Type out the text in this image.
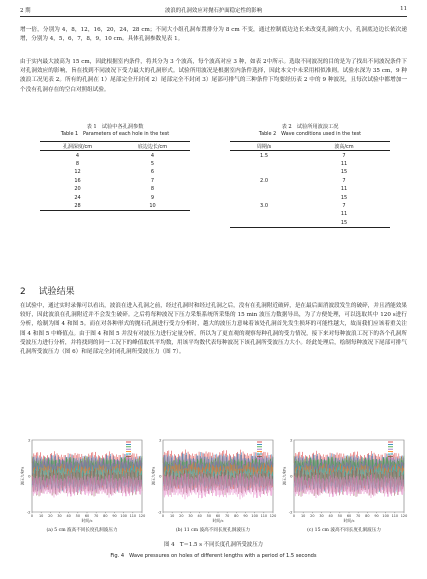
2 期	波浪的孔洞效应对抛石护面稳定性的影响	11

增一倍，分别为 4，8，12，16，20，24，28 cm；不同大小组孔洞布置排分为 8 cm 不变，通过控制底边边长来改变孔洞的大小，孔洞底边边长依次递增，分别为 4，5，6，7，8，9，10 cm。具体孔洞参数见表 1。

由于实内最大波高为 15 cm，因此根据室内条件，将其分为 3 个波高，每个波高对应 3 种，如表 2中所示。选取不同波况的目的是为了找出不同波况条件下对孔洞效应的影响，旨在找到不同波况下受力最大的孔洞形式。试验所用波况是根据室内条件选择，因此本文中未采用相似准则。试验水深为 35 cm，9 种波浪工况见表 2。所有的孔洞在 1）尾部完全开封闭 2）尾部完全不封闭 3）尾部可排气的三种条件下均要经历表 2 中的 9 种波况，且每次试验中都增加一个没有孔洞存在的空白对照组试验。

表 1　试验中各孔洞参数
Table 1　Parameters of each hole in the test
孔洞深度/cm	底边边长/cm
4	4
8	5
12	6
16	7
20	8
24	9
28	10
表 2　试验所用波浪工况
Table 2　Wave conditions used in the test
周期/s	波高/cm
1.5	7
	11
	15
2.0	7
	11
	15
3.0	7
	11
	15
2 试验结果

在试验中，通过实时录像可以看出，波浪在进入孔洞之前，经过孔洞时和经过孔洞之后，没有在孔洞附近破碎，是在最后面消波段发生的破碎，并且消能效果较好，因此波浪在孔洞附近并不会发生破碎。之后将每种波况下压力采集系统所采集的 15 min 波压力数据导出，为了方便处理，可以选取其中 120 s进行分析，绘制为图 4 和图 5。而在对各种形式的抛石孔洞进行受力分析时，越大的波压力意味着该处孔洞首先发生损坏的可能性越大，故而我们应该着重关注图 4 和图 5 中峰值点。由于图 4 和图 5 并没有对波压力进行定量分析，所以为了更直观的观察每种孔洞的受力情况，接下来对每种波浪工况下的各个孔洞所受波压力进行分析，并将找到的同一工况下的峰值取其平均数，用该平均数代表每种波况下该孔洞所受波压力大小。经此处理后，绘制每种波况下尾部可排气孔洞所受波压力（图 6）和尾部完全封闭孔洞所受波压力（图 7）。

2
0
-2
0 10 20 30 40 50 60 70 80 90 100 110 120
时间/s
波压力/kPa
2
0
-2
0 10 20 30 40 50 60 70 80 90 100 110 120
时间/s
波压力/kPa
2
0
-2
0 10 20 30 40 50 60 70 80 90 100 110 120
时间/s
波压力/kPa
(a) 5 cm 波高不同长度孔洞波压力	(b) 11 cm 波高不同长度孔洞波压力	(c) 15 cm 波高不同长度孔洞波压力
图 4　T＝1.5 s 不同长度孔洞所受波压力
Fig. 4　Wave pressures on holes of different lengths with a period of 1.5 seconds
